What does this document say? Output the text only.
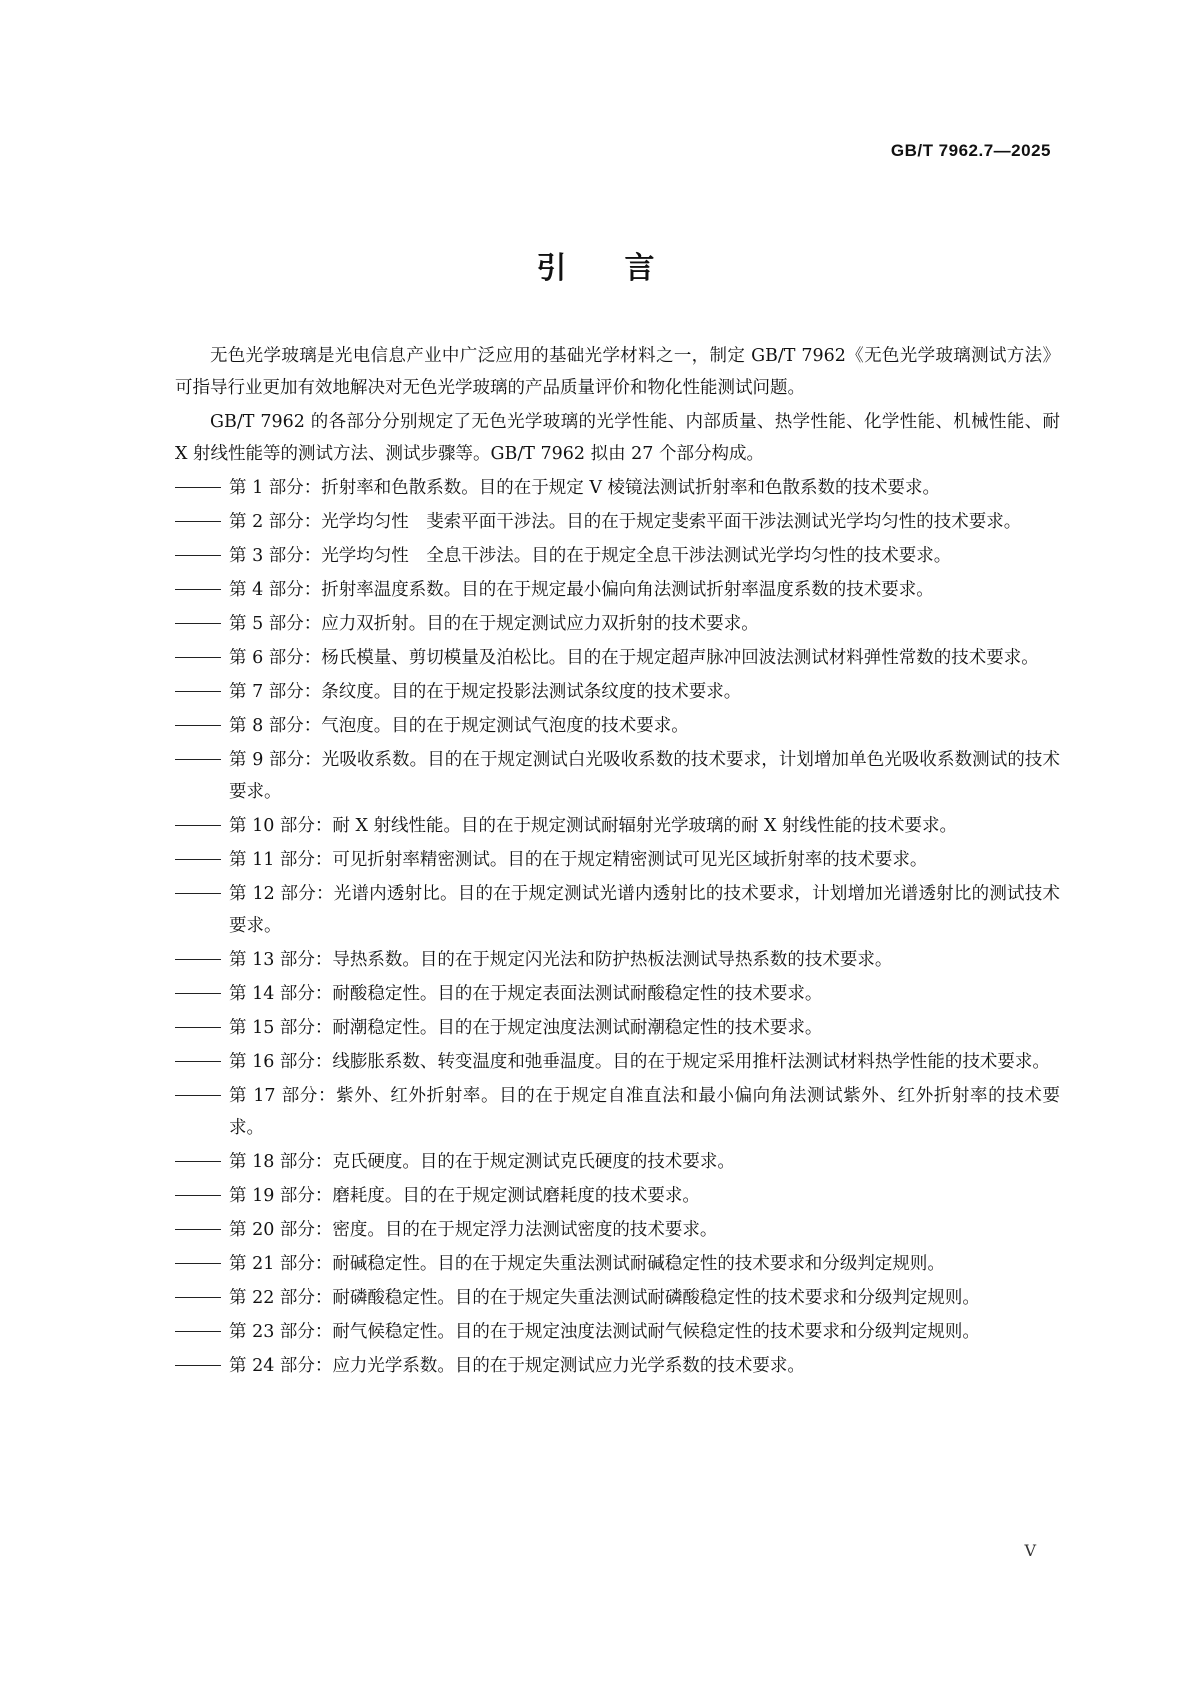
GB/T 7962.7—2025
引言

无色光学玻璃是光电信息产业中广泛应用的基础光学材料之一，制定 GB/T 7962《无色光学玻璃测试方法》可指导行业更加有效地解决对无色光学玻璃的产品质量评价和物化性能测试问题。

GB/T 7962 的各部分分别规定了无色光学玻璃的光学性能、内部质量、热学性能、化学性能、机械性能、耐 X 射线性能等的测试方法、测试步骤等。GB/T 7962 拟由 27 个部分构成。

第 1 部分：折射率和色散系数。目的在于规定 V 棱镜法测试折射率和色散系数的技术要求。
第 2 部分：光学均匀性　斐索平面干涉法。目的在于规定斐索平面干涉法测试光学均匀性的技术要求。
第 3 部分：光学均匀性　全息干涉法。目的在于规定全息干涉法测试光学均匀性的技术要求。
第 4 部分：折射率温度系数。目的在于规定最小偏向角法测试折射率温度系数的技术要求。
第 5 部分：应力双折射。目的在于规定测试应力双折射的技术要求。
第 6 部分：杨氏模量、剪切模量及泊松比。目的在于规定超声脉冲回波法测试材料弹性常数的技术要求。
第 7 部分：条纹度。目的在于规定投影法测试条纹度的技术要求。
第 8 部分：气泡度。目的在于规定测试气泡度的技术要求。
第 9 部分：光吸收系数。目的在于规定测试白光吸收系数的技术要求，计划增加单色光吸收系数测试的技术要求。
第 10 部分：耐 X 射线性能。目的在于规定测试耐辐射光学玻璃的耐 X 射线性能的技术要求。
第 11 部分：可见折射率精密测试。目的在于规定精密测试可见光区域折射率的技术要求。
第 12 部分：光谱内透射比。目的在于规定测试光谱内透射比的技术要求，计划增加光谱透射比的测试技术要求。
第 13 部分：导热系数。目的在于规定闪光法和防护热板法测试导热系数的技术要求。
第 14 部分：耐酸稳定性。目的在于规定表面法测试耐酸稳定性的技术要求。
第 15 部分：耐潮稳定性。目的在于规定浊度法测试耐潮稳定性的技术要求。
第 16 部分：线膨胀系数、转变温度和弛垂温度。目的在于规定采用推杆法测试材料热学性能的技术要求。
第 17 部分：紫外、红外折射率。目的在于规定自准直法和最小偏向角法测试紫外、红外折射率的技术要求。
第 18 部分：克氏硬度。目的在于规定测试克氏硬度的技术要求。
第 19 部分：磨耗度。目的在于规定测试磨耗度的技术要求。
第 20 部分：密度。目的在于规定浮力法测试密度的技术要求。
第 21 部分：耐碱稳定性。目的在于规定失重法测试耐碱稳定性的技术要求和分级判定规则。
第 22 部分：耐磷酸稳定性。目的在于规定失重法测试耐磷酸稳定性的技术要求和分级判定规则。
第 23 部分：耐气候稳定性。目的在于规定浊度法测试耐气候稳定性的技术要求和分级判定规则。
第 24 部分：应力光学系数。目的在于规定测试应力光学系数的技术要求。
V
